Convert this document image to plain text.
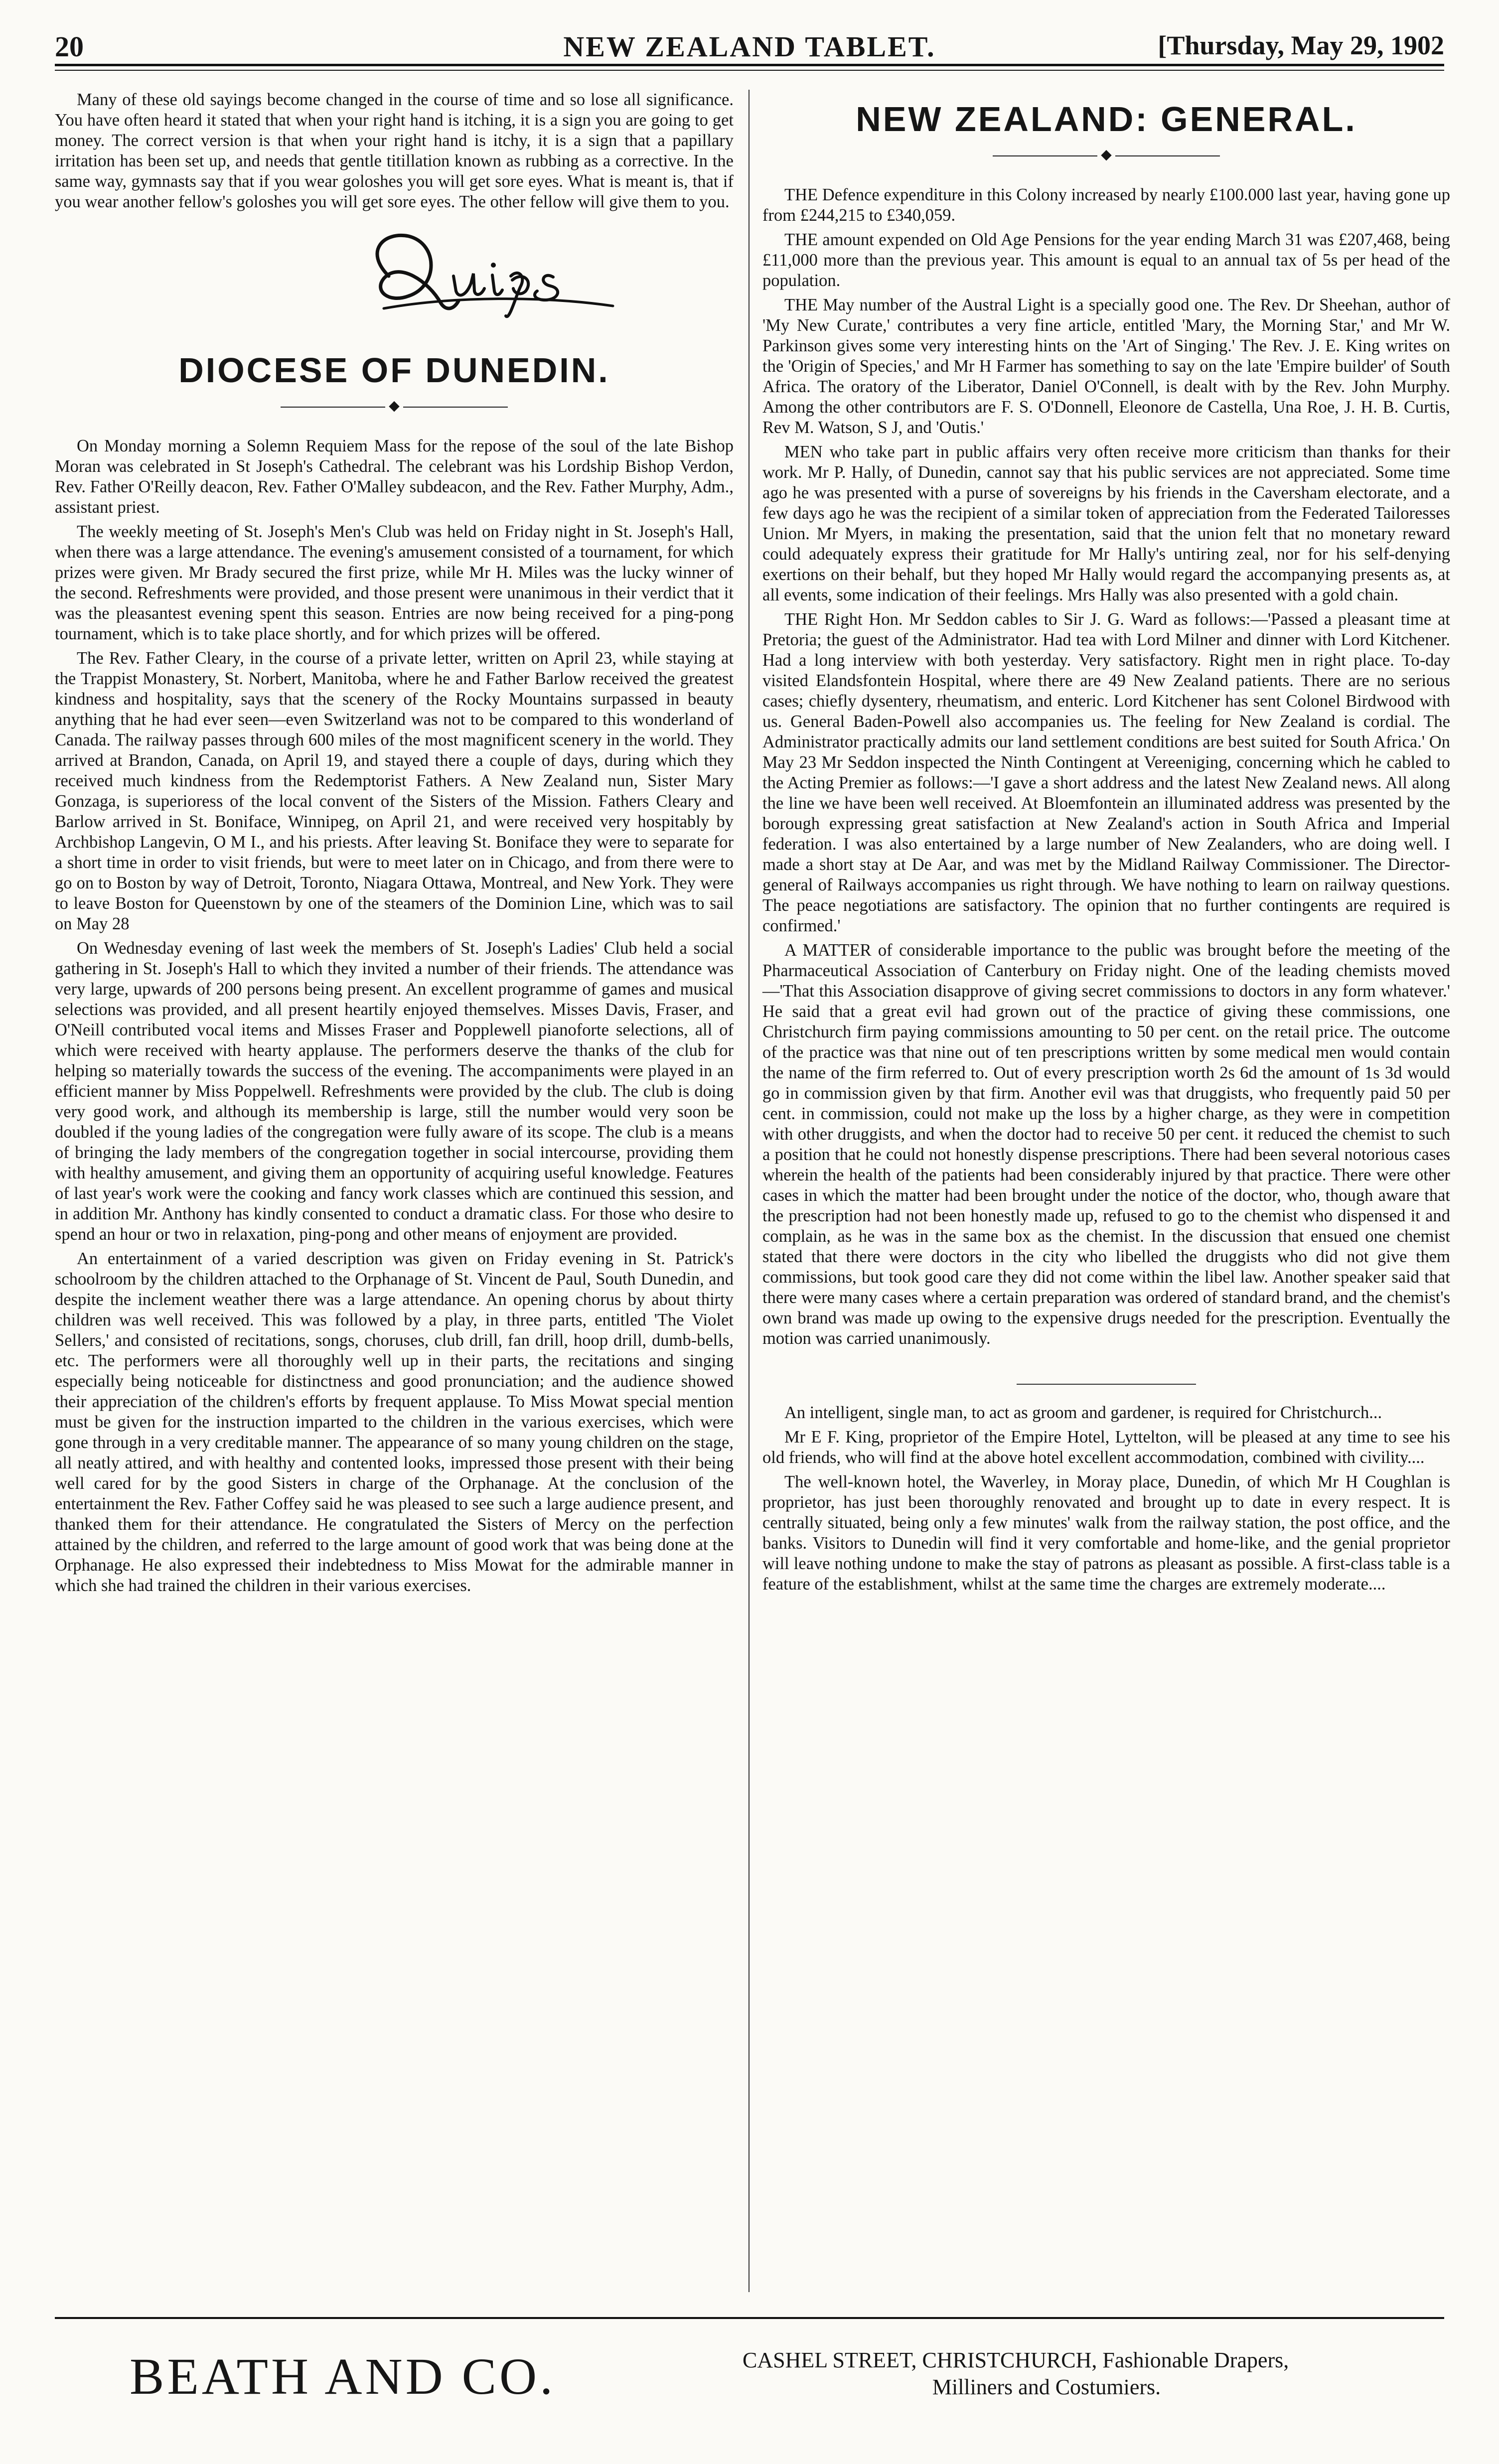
20	NEW ZEALAND TABLET.	[Thursday, May 29, 1902

Many of these old sayings become changed in the course of time and so lose all significance. You have often heard it stated that when your right hand is itching, it is a sign you are going to get money. The correct version is that when your right hand is itchy, it is a sign that a papillary irritation has been set up, and needs that gentle titillation known as rubbing as a corrective. In the same way, gymnasts say that if you wear goloshes you will get sore eyes. What is meant is, that if you wear another fellow's goloshes you will get sore eyes. The other fellow will give them to you.

DIOCESE OF DUNEDIN.
◆

On Monday morning a Solemn Requiem Mass for the repose of the soul of the late Bishop Moran was celebrated in St Joseph's Cathedral. The celebrant was his Lordship Bishop Verdon, Rev. Father O'Reilly deacon, Rev. Father O'Malley subdeacon, and the Rev. Father Murphy, Adm., assistant priest.

The weekly meeting of St. Joseph's Men's Club was held on Friday night in St. Joseph's Hall, when there was a large attendance. The evening's amusement consisted of a tournament, for which prizes were given. Mr Brady secured the first prize, while Mr H. Miles was the lucky winner of the second. Refreshments were provided, and those present were unanimous in their verdict that it was the pleasantest evening spent this season. Entries are now being received for a ping-pong tournament, which is to take place shortly, and for which prizes will be offered.

The Rev. Father Cleary, in the course of a private letter, written on April 23, while staying at the Trappist Monastery, St. Norbert, Manitoba, where he and Father Barlow received the greatest kindness and hospitality, says that the scenery of the Rocky Mountains surpassed in beauty anything that he had ever seen—even Switzerland was not to be compared to this wonderland of Canada. The railway passes through 600 miles of the most magnificent scenery in the world. They arrived at Brandon, Canada, on April 19, and stayed there a couple of days, during which they received much kindness from the Redemptorist Fathers. A New Zealand nun, Sister Mary Gonzaga, is superioress of the local convent of the Sisters of the Mission. Fathers Cleary and Barlow arrived in St. Boniface, Winnipeg, on April 21, and were received very hospitably by Archbishop Langevin, O M I., and his priests. After leaving St. Boniface they were to separate for a short time in order to visit friends, but were to meet later on in Chicago, and from there were to go on to Boston by way of Detroit, Toronto, Niagara Ottawa, Montreal, and New York. They were to leave Boston for Queenstown by one of the steamers of the Dominion Line, which was to sail on May 28

On Wednesday evening of last week the members of St. Joseph's Ladies' Club held a social gathering in St. Joseph's Hall to which they invited a number of their friends. The attendance was very large, upwards of 200 persons being present. An excellent programme of games and musical selections was provided, and all present heartily enjoyed themselves. Misses Davis, Fraser, and O'Neill contributed vocal items and Misses Fraser and Popplewell pianoforte selections, all of which were received with hearty applause. The performers deserve the thanks of the club for helping so materially towards the success of the evening. The accompaniments were played in an efficient manner by Miss Poppelwell. Refreshments were provided by the club. The club is doing very good work, and although its membership is large, still the number would very soon be doubled if the young ladies of the congregation were fully aware of its scope. The club is a means of bringing the lady members of the congregation together in social intercourse, providing them with healthy amusement, and giving them an opportunity of acquiring useful knowledge. Features of last year's work were the cooking and fancy work classes which are continued this session, and in addition Mr. Anthony has kindly consented to conduct a dramatic class. For those who desire to spend an hour or two in relaxation, ping-pong and other means of enjoyment are provided.

An entertainment of a varied description was given on Friday evening in St. Patrick's schoolroom by the children attached to the Orphanage of St. Vincent de Paul, South Dunedin, and despite the inclement weather there was a large attendance. An opening chorus by about thirty children was well received. This was followed by a play, in three parts, entitled 'The Violet Sellers,' and consisted of recitations, songs, choruses, club drill, fan drill, hoop drill, dumb-bells, etc. The performers were all thoroughly well up in their parts, the recitations and singing especially being noticeable for distinctness and good pronunciation; and the audience showed their appreciation of the children's efforts by frequent applause. To Miss Mowat special mention must be given for the instruction imparted to the children in the various exercises, which were gone through in a very creditable manner. The appearance of so many young children on the stage, all neatly attired, and with healthy and contented looks, impressed those present with their being well cared for by the good Sisters in charge of the Orphanage. At the conclusion of the entertainment the Rev. Father Coffey said he was pleased to see such a large audience present, and thanked them for their attendance. He congratulated the Sisters of Mercy on the perfection attained by the children, and referred to the large amount of good work that was being done at the Orphanage. He also expressed their indebtedness to Miss Mowat for the admirable manner in which she had trained the children in their various exercises.

NEW ZEALAND: GENERAL.
◆

THE Defence expenditure in this Colony increased by nearly £100.000 last year, having gone up from £244,215 to £340,059.

THE amount expended on Old Age Pensions for the year ending March 31 was £207,468, being £11,000 more than the previous year. This amount is equal to an annual tax of 5s per head of the population.

THE May number of the Austral Light is a specially good one. The Rev. Dr Sheehan, author of 'My New Curate,' contributes a very fine article, entitled 'Mary, the Morning Star,' and Mr W. Parkinson gives some very interesting hints on the 'Art of Singing.' The Rev. J. E. King writes on the 'Origin of Species,' and Mr H Farmer has something to say on the late 'Empire builder' of South Africa. The oratory of the Liberator, Daniel O'Connell, is dealt with by the Rev. John Murphy. Among the other contributors are F. S. O'Donnell, Eleonore de Castella, Una Roe, J. H. B. Curtis, Rev M. Watson, S J, and 'Outis.'

MEN who take part in public affairs very often receive more criticism than thanks for their work. Mr P. Hally, of Dunedin, cannot say that his public services are not appreciated. Some time ago he was presented with a purse of sovereigns by his friends in the Caversham electorate, and a few days ago he was the recipient of a similar token of appreciation from the Federated Tailoresses Union. Mr Myers, in making the presentation, said that the union felt that no monetary reward could adequately express their gratitude for Mr Hally's untiring zeal, nor for his self-denying exertions on their behalf, but they hoped Mr Hally would regard the accompanying presents as, at all events, some indication of their feelings. Mrs Hally was also presented with a gold chain.

THE Right Hon. Mr Seddon cables to Sir J. G. Ward as follows:—'Passed a pleasant time at Pretoria; the guest of the Administrator. Had tea with Lord Milner and dinner with Lord Kitchener. Had a long interview with both yesterday. Very satisfactory. Right men in right place. To-day visited Elandsfontein Hospital, where there are 49 New Zealand patients. There are no serious cases; chiefly dysentery, rheumatism, and enteric. Lord Kitchener has sent Colonel Birdwood with us. General Baden-Powell also accompanies us. The feeling for New Zealand is cordial. The Administrator practically admits our land settlement conditions are best suited for South Africa.' On May 23 Mr Seddon inspected the Ninth Contingent at Vereeniging, concerning which he cabled to the Acting Premier as follows:—'I gave a short address and the latest New Zealand news. All along the line we have been well received. At Bloemfontein an illuminated address was presented by the borough expressing great satisfaction at New Zealand's action in South Africa and Imperial federation. I was also entertained by a large number of New Zealanders, who are doing well. I made a short stay at De Aar, and was met by the Midland Railway Commissioner. The Director-general of Railways accompanies us right through. We have nothing to learn on railway questions. The peace negotiations are satisfactory. The opinion that no further contingents are required is confirmed.'

A MATTER of considerable importance to the public was brought before the meeting of the Pharmaceutical Association of Canterbury on Friday night. One of the leading chemists moved—'That this Association disapprove of giving secret commissions to doctors in any form whatever.' He said that a great evil had grown out of the practice of giving these commissions, one Christchurch firm paying commissions amounting to 50 per cent. on the retail price. The outcome of the practice was that nine out of ten prescriptions written by some medical men would contain the name of the firm referred to. Out of every prescription worth 2s 6d the amount of 1s 3d would go in commission given by that firm. Another evil was that druggists, who frequently paid 50 per cent. in commission, could not make up the loss by a higher charge, as they were in competition with other druggists, and when the doctor had to receive 50 per cent. it reduced the chemist to such a position that he could not honestly dispense prescriptions. There had been several notorious cases wherein the health of the patients had been considerably injured by that practice. There were other cases in which the matter had been brought under the notice of the doctor, who, though aware that the prescription had not been honestly made up, refused to go to the chemist who dispensed it and complain, as he was in the same box as the chemist. In the discussion that ensued one chemist stated that there were doctors in the city who libelled the druggists who did not give them commissions, but took good care they did not come within the libel law. Another speaker said that there were many cases where a certain preparation was ordered of standard brand, and the chemist's own brand was made up owing to the expensive drugs needed for the prescription. Eventually the motion was carried unanimously.

An intelligent, single man, to act as groom and gardener, is required for Christchurch...

Mr E F. King, proprietor of the Empire Hotel, Lyttelton, will be pleased at any time to see his old friends, who will find at the above hotel excellent accommodation, combined with civility....

The well-known hotel, the Waverley, in Moray place, Dunedin, of which Mr H Coughlan is proprietor, has just been thoroughly renovated and brought up to date in every respect. It is centrally situated, being only a few minutes' walk from the railway station, the post office, and the banks. Visitors to Dunedin will find it very comfortable and home-like, and the genial proprietor will leave nothing undone to make the stay of patrons as pleasant as possible. A first-class table is a feature of the establishment, whilst at the same time the charges are extremely moderate....

BEATH AND CO.	CASHEL STREET, CHRISTCHURCH, Fashionable Drapers,
Milliners and Costumiers.
